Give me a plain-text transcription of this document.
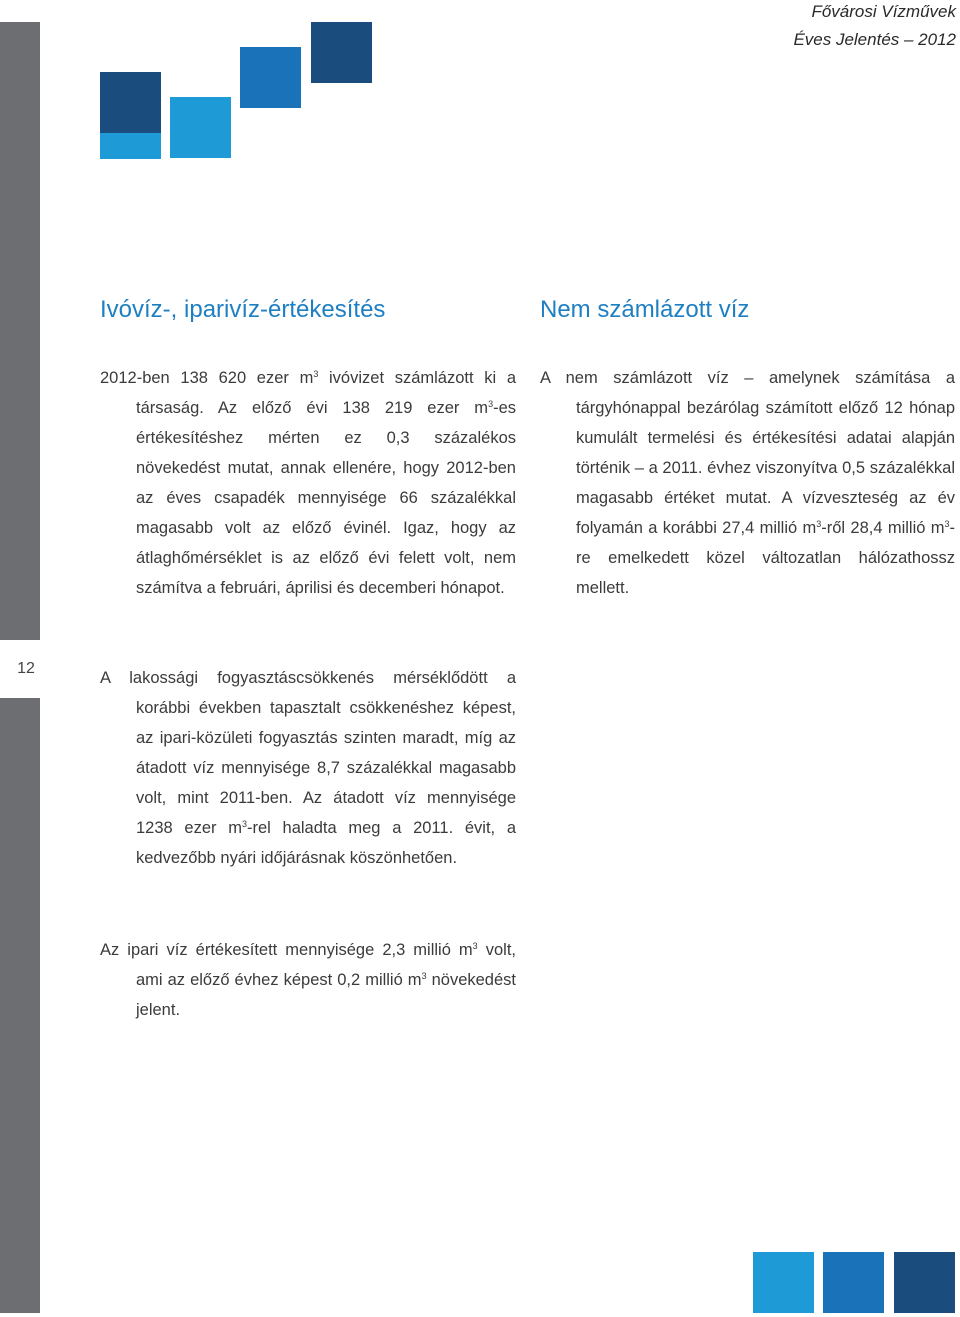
12
Fővárosi Vízművek
Éves Jelentés – 2012
Ivóvíz-, iparivíz-értékesítés	Nem számlázott víz

2012-ben 138 620 ezer $m^3$ ivóvizet számlázott ki a társaság. Az előző évi 138 219 ezer $m^3-es$ értékesítéshez mérten ez 0,3 százalékos növekedést mutat, annak ellenére, hogy 2012-ben az éves csapadék mennyisége 66 százalékkal magasabb volt az előző évinél. Igaz, hogy az átlaghőmérséklet is az előző évi felett volt, nem számítva a februári, áprilisi és decemberi hónapot.

A lakossági fogyasztáscsökkenés mérséklődött a korábbi években tapasztalt csökkenéshez képest, az ipari-közületi fogyasztás szinten maradt, míg az átadott víz mennyisége 8,7 százalékkal magasabb volt, mint 2011-ben. Az átadott víz mennyisége 1238 ezer $m^3$-rel haladta meg a 2011. évit, a kedvezőbb nyári időjárásnak köszönhetően.

Az ipari víz értékesített mennyisége 2,3 millió $m^3$ volt, ami az előző évhez képest 0,2 millió $m^3$ növekedést jelent.

A nem számlázott víz – amelynek számítása a tárgyhónappal bezárólag számított előző 12 hónap kumulált termelési és értékesítési adatai alapján történik – a 2011. évhez viszonyítva 0,5 százalékkal magasabb értéket mutat. A vízveszteség az év folyamán a korábbi 27,4 millió $m^3$-ről 28,4 millió $m^3-re$ emelkedett közel változatlan hálózathossz mellett.
